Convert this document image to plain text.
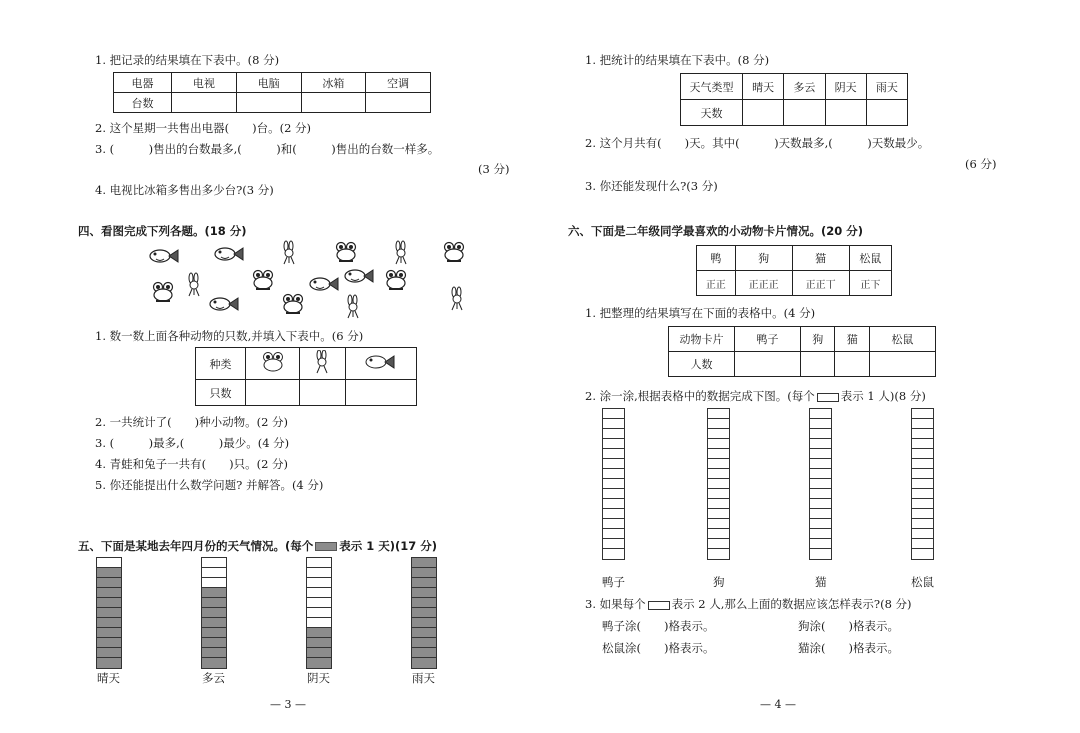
1. 把记录的结果填在下表中。(8 分)
电器	电视	电脑	冰箱	空调
台数				
2. 这个星期一共售出电器(　　)台。(2 分)
3. (　　　)售出的台数最多,(　　　)和(　　　)售出的台数一样多。
(3 分)
4. 电视比冰箱多售出多少台?(3 分)
四、看图完成下列各题。(18 分)
1. 数一数上面各种动物的只数,并填入下表中。(6 分)
种类			
只数			
2. 一共统计了(　　)种小动物。(2 分)
3. (　　　)最多,(　　　)最少。(4 分)
4. 青蛙和兔子一共有(　　)只。(2 分)
5. 你还能提出什么数学问题? 并解答。(4 分)
五、下面是某地去年四月份的天气情况。(每个 表示 1 天)(17 分)
晴天	多云	阴天	雨天
— 3 —
1. 把统计的结果填在下表中。(8 分)
天气类型	晴天	多云	阴天	雨天
天数				
2. 这个月共有(　　)天。其中(　　　)天数最多,(　　　)天数最少。
(6 分)
3. 你还能发现什么?(3 分)
六、下面是二年级同学最喜欢的小动物卡片情况。(20 分)
鸭	狗	猫	松鼠
正正	正正正	正正丅	正下
1. 把整理的结果填写在下面的表格中。(4 分)
动物卡片	鸭子	狗	猫	松鼠
人数				
2. 涂一涂,根据表格中的数据完成下图。(每个 表示 1 人)(8 分)
鸭子	狗	猫	松鼠
3. 如果每个 表示 2 人,那么上面的数据应该怎样表示?(8 分)
鸭子涂(　　)格表示。	狗涂(　　)格表示。
松鼠涂(　　)格表示。	猫涂(　　)格表示。
— 4 —
